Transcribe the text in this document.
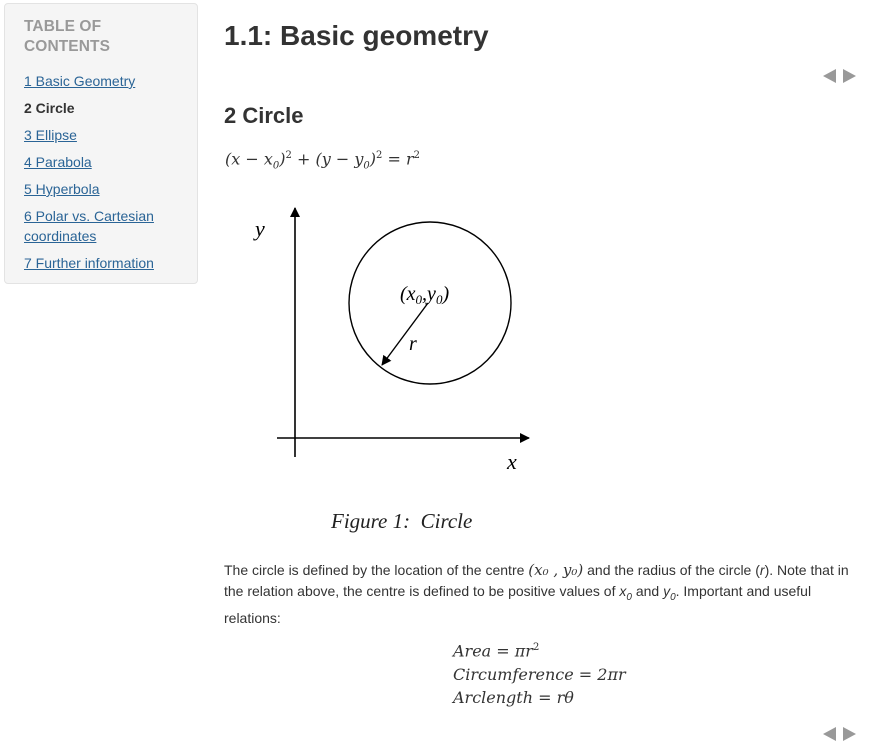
TABLE OF
CONTENTS
1 Basic Geometry
2 Circle
3 Ellipse
4 Parabola
5 Hyperbola
6 Polar vs. Cartesian
coordinates
7 Further information
1.1: Basic geometry
2 Circle
$(x - x_0)^2 + (y - y_0)^2 = r^2$
y
x
$(x_0,y_0)$
r
Figure 1:  Circle

The circle is defined by the location of the centre (x₀ , y₀) and the radius of the circle (r). Note that in the relation above, the centre is defined to be positive values of $x_0$ and $y_0$. Important and useful relations:

Area = $\pi r^2$
Circumference = 2πr
Arclength = rθ
